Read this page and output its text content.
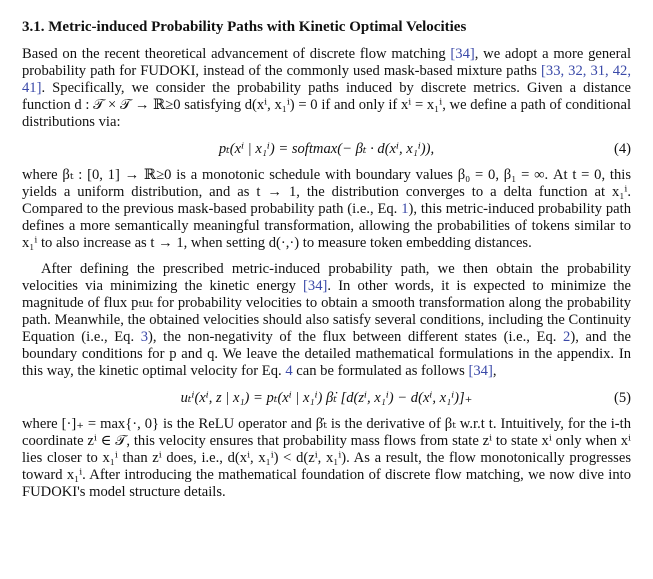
3.1. Metric-induced Probability Paths with Kinetic Optimal Velocities

Based on the recent theoretical advancement of discrete flow matching [34], we adopt a more general probability path for FUDOKI, instead of the commonly used mask-based mixture paths [33, 32, 31, 42, 41]. Specifically, we consider the probability paths induced by discrete metrics. Given a distance function d : 𝒯 × 𝒯 → ℝ≥0 satisfying d(xⁱ, x₁ⁱ) = 0 if and only if xⁱ = x₁ⁱ, we define a path of conditional distributions via:

pₜ(xⁱ | x₁ⁱ) = softmax(− βₜ · d(xⁱ, x₁ⁱ)),	(4)

where βₜ : [0, 1] → ℝ≥0 is a monotonic schedule with boundary values β₀ = 0, β₁ = ∞. At t = 0, this yields a uniform distribution, and as t → 1, the distribution converges to a delta function at x₁ⁱ. Compared to the previous mask-based probability path (i.e., Eq. 1), this metric-induced probability path defines a more semantically meaningful transformation, allowing the probabilities of tokens similar to x₁ⁱ to also increase as t → 1, when setting d(·,·) to measure token embedding distances.

After defining the prescribed metric-induced probability path, we then obtain the probability velocities via minimizing the kinetic energy [34]. In other words, it is expected to minimize the magnitude of flux pₜuₜ for probability velocities to obtain a smooth transformation along the probability path. Meanwhile, the obtained velocities should also satisfy several conditions, including the Continuity Equation (i.e., Eq. 3), the non-negativity of the flux between different states (i.e., Eq. 2), and the boundary conditions for p and q. We leave the detailed mathematical formulations in the appendix. In this way, the kinetic optimal velocity for Eq. 4 can be formulated as follows [34],

uₜⁱ(xⁱ, z | x₁) = pₜ(xⁱ | x₁ⁱ) β̇ₜ [d(zⁱ, x₁ⁱ) − d(xⁱ, x₁ⁱ)]₊	(5)

where [·]₊ = max{·, 0} is the ReLU operator and β̇ₜ is the derivative of βₜ w.r.t t. Intuitively, for the i-th coordinate zⁱ ∈ 𝒯, this velocity ensures that probability mass flows from state zⁱ to state xⁱ only when xⁱ lies closer to x₁ⁱ than zⁱ does, i.e., d(xⁱ, x₁ⁱ) < d(zⁱ, x₁ⁱ). As a result, the flow monotonically progresses toward x₁ⁱ. After introducing the mathematical foundation of discrete flow matching, we now dive into FUDOKI's model structure details.
